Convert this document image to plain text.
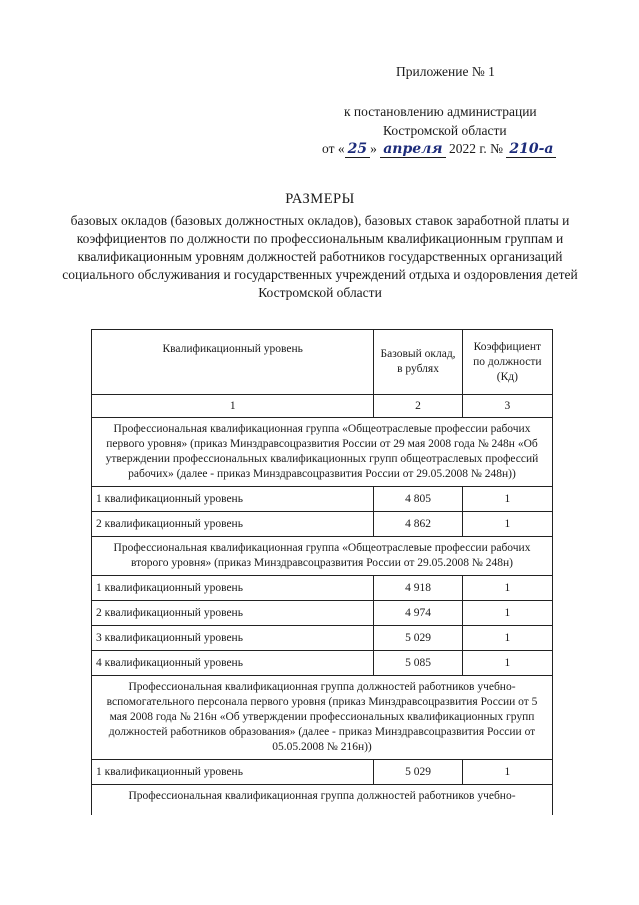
Приложение № 1
к постановлению администрации
Костромской области
от « 25 » апреля 2022 г. № 210-а
РАЗМЕРЫ
базовых окладов (базовых должностных окладов), базовых ставок заработной платы и коэффициентов по должности по профессиональным квалификационным группам и квалификационным уровням должностей работников государственных организаций социального обслуживания и государственных учреждений отдыха и оздоровления детей Костромской области
Квалификационный уровень	Базовый оклад, в рублях	Коэффициент по должности (Кд)
1	2	3
Профессиональная квалификационная группа «Общеотраслевые профессии рабочих первого уровня» (приказ Минздравсоцразвития России от 29 мая 2008 года № 248н «Об утверждении профессиональных квалификационных групп общеотраслевых профессий рабочих» (далее - приказ Минздравсоцразвития России от 29.05.2008 № 248н))		
1 квалификационный уровень	4 805	1
2 квалификационный уровень	4 862	1
Профессиональная квалификационная группа «Общеотраслевые профессии рабочих второго уровня» (приказ Минздравсоцразвития России от 29.05.2008 № 248н)		
1 квалификационный уровень	4 918	1
2 квалификационный уровень	4 974	1
3 квалификационный уровень	5 029	1
4 квалификационный уровень	5 085	1
Профессиональная квалификационная группа должностей работников учебно-вспомогательного персонала первого уровня (приказ Минздравсоцразвития России от 5 мая 2008 года № 216н «Об утверждении профессиональных квалификационных групп должностей работников образования» (далее - приказ Минздравсоцразвития России от 05.05.2008 № 216н))		
1 квалификационный уровень	5 029	1
Профессиональная квалификационная группа должностей работников учебно-		
